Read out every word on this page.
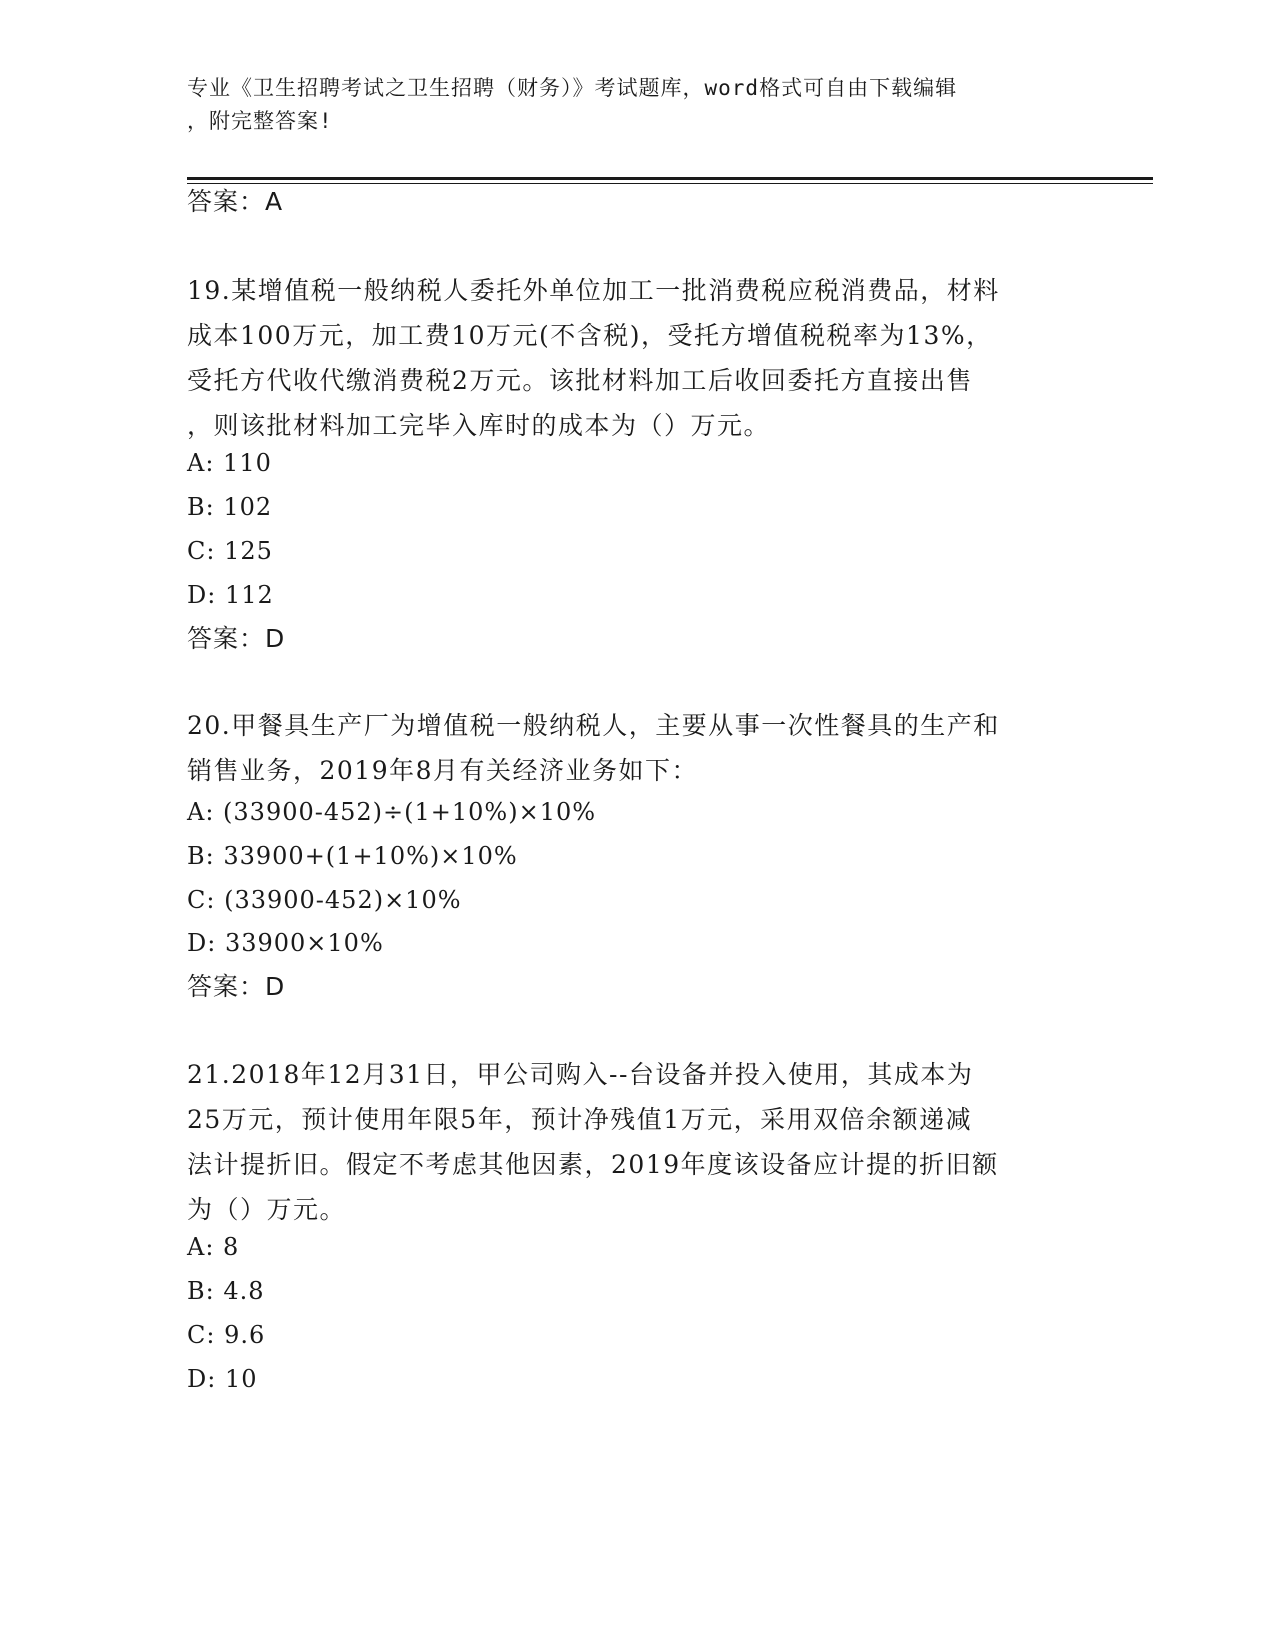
专业《卫生招聘考试之卫生招聘（财务）》考试题库，word格式可自由下载编辑
，附完整答案!
答案：A
19.某增值税一般纳税人委托外单位加工一批消费税应税消费品，材料
成本100万元，加工费10万元(不含税)，受托方增值税税率为13%，
受托方代收代缴消费税2万元。该批材料加工后收回委托方直接出售
，则该批材料加工完毕入库时的成本为（）万元。
A: 110
B: 102
C: 125
D: 112
答案：D
20.甲餐具生产厂为增值税一般纳税人，主要从事一次性餐具的生产和
销售业务，2019年8月有关经济业务如下：
A: (33900-452)÷(1+10%)×10%
B: 33900+(1+10%)×10%
C: (33900-452)×10%
D: 33900×10%
答案：D
21.2018年12月31日，甲公司购入--台设备并投入使用，其成本为
25万元，预计使用年限5年，预计净残值1万元，采用双倍余额递减
法计提折旧。假定不考虑其他因素，2019年度该设备应计提的折旧额
为（）万元。
A: 8
B: 4.8
C: 9.6
D: 10
